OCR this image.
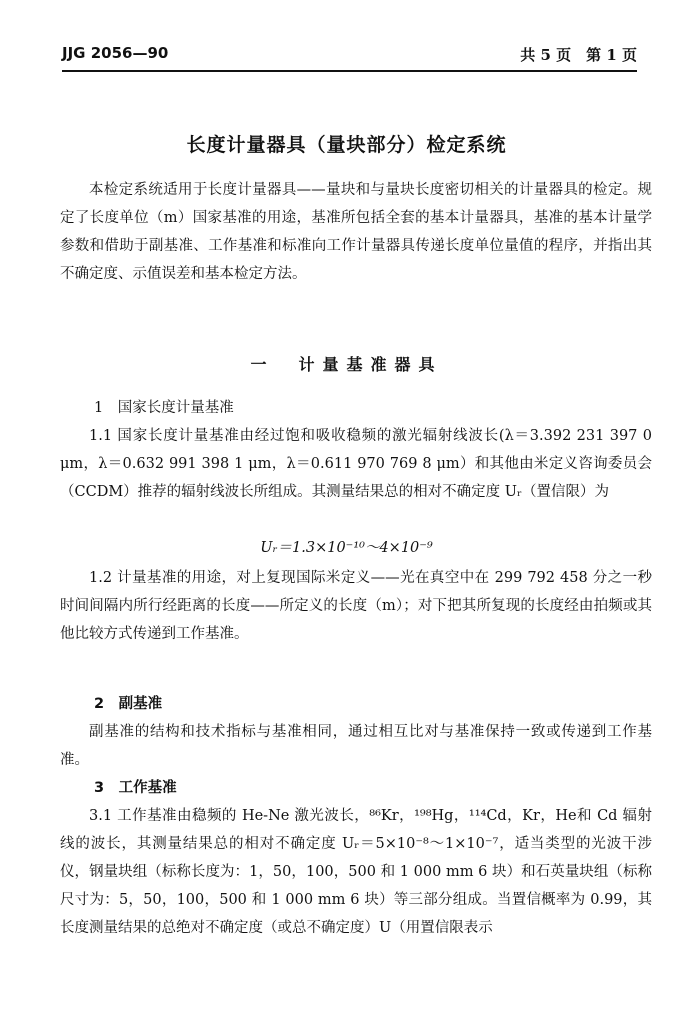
JJG 2056—90	共 5 页　第 1 页
长度计量器具（量块部分）检定系统

本检定系统适用于长度计量器具——量块和与量块长度密切相关的计量器具的检定。规定了长度单位（m）国家基准的用途，基准所包括全套的基本计量器具，基准的基本计量学参数和借助于副基准、工作基准和标准向工作计量器具传递长度单位量值的程序，并指出其不确定度、示值误差和基本检定方法。

一　计量基准器具
1　国家长度计量基准

1.1 国家长度计量基准由经过饱和吸收稳频的激光辐射线波长(λ＝3.392 231 397 0 μm，λ＝0.632 991 398 1 μm，λ＝0.611 970 769 8 μm）和其他由米定义咨询委员会（CCDM）推荐的辐射线波长所组成。其测量结果总的相对不确定度 Uᵣ（置信限）为

Uᵣ＝1.3×10⁻¹⁰～4×10⁻⁹

1.2 计量基准的用途，对上复现国际米定义——光在真空中在 299 792 458 分之一秒时间间隔内所行经距离的长度——所定义的长度（m）；对下把其所复现的长度经由拍频或其他比较方式传递到工作基准。

2　副基准

副基准的结构和技术指标与基准相同，通过相互比对与基准保持一致或传递到工作基准。

3　工作基准

3.1 工作基准由稳频的 He-Ne 激光波长，⁸⁶Kr，¹⁹⁸Hg，¹¹⁴Cd，Kr，He和 Cd 辐射线的波长，其测量结果总的相对不确定度 Uᵣ＝5×10⁻⁸～1×10⁻⁷，适当类型的光波干涉仪，钢量块组（标称长度为：1，50，100，500 和 1 000 mm 6 块）和石英量块组（标称尺寸为：5，50，100，500 和 1 000 mm 6 块）等三部分组成。当置信概率为 0.99，其长度测量结果的总绝对不确定度（或总不确定度）U（用置信限表示
